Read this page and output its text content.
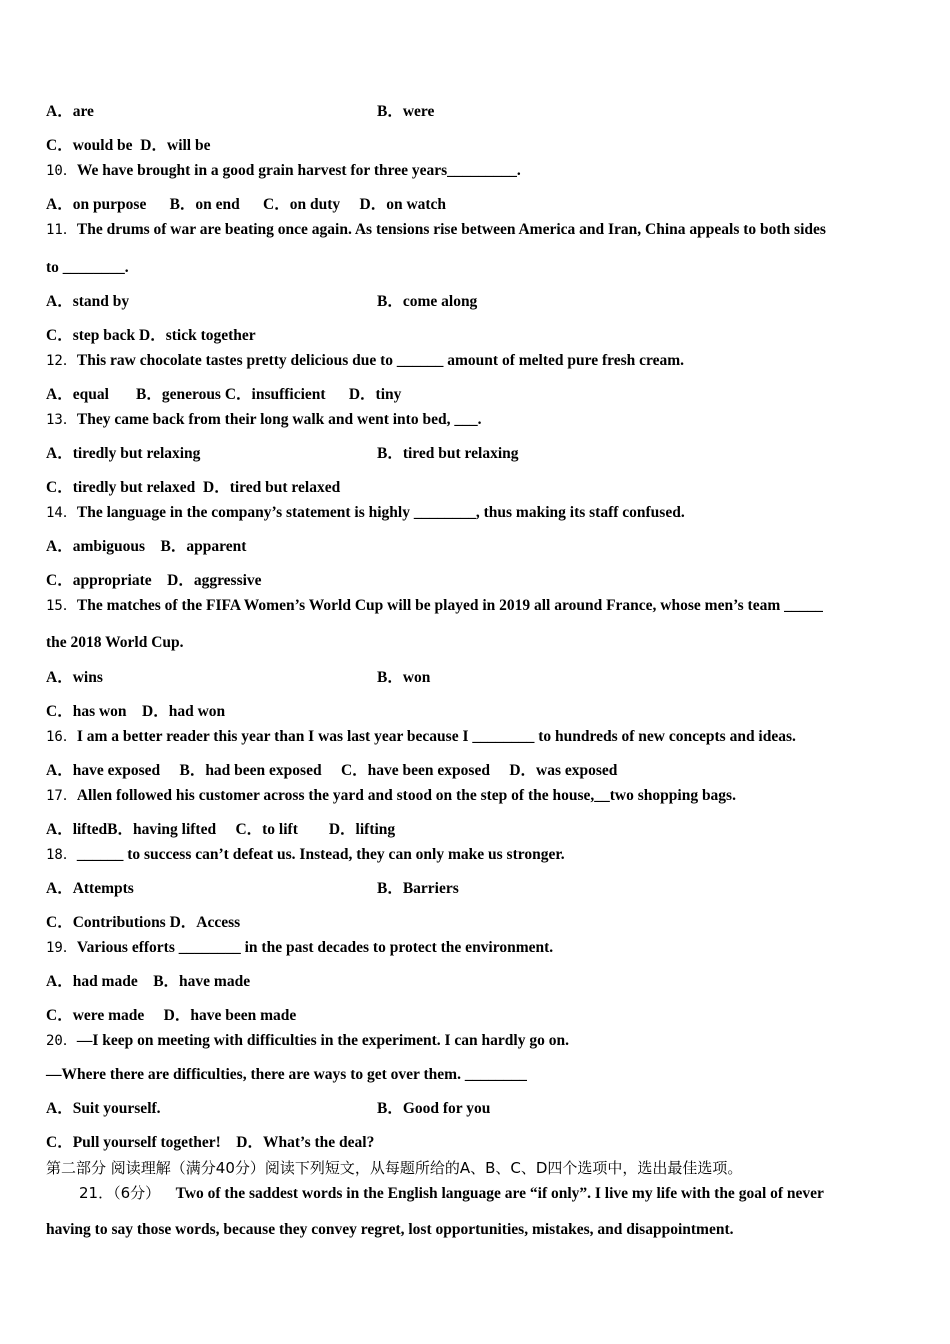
第二部分 阅读理解（满分40分）阅读下列短文，从每题所给的A、B、C、D四个选项中，选出最佳选项。
21．（6分） Two of the saddest words in the English language are “if only”. I live my life with the goal of never
having to say those words, because they convey regret, lost opportunities, mistakes, and disappointment.
A．are	B．were
C．would be  D．will be
10．We have brought in a good grain harvest for three years_________.
A．on purpose      B．on end      C．on duty     D．on watch
11．The drums of war are beating once again. As tensions rise between America and Iran, China appeals to both sides
to ________.
A．stand by	B．come along
C．step back D．stick together
12．This raw chocolate tastes pretty delicious due to ______ amount of melted pure fresh cream.
A．equal       B．generous C．insufficient      D．tiny
13．They came back from their long walk and went into bed, ___.
A．tiredly but relaxing	B．tired but relaxing
C．tiredly but relaxed  D．tired but relaxed
14．The language in the company’s statement is highly ________, thus making its staff confused.
A．ambiguous    B．apparent
C．appropriate    D．aggressive
15．The matches of the FIFA Women’s World Cup will be played in 2019 all around France, whose men’s team _____
the 2018 World Cup.
A．wins	B．won
C．has won    D．had won
16．I am a better reader this year than I was last year because I ________ to hundreds of new concepts and ideas.
A．have exposed     B．had been exposed     C．have been exposed     D．was exposed
17．Allen followed his customer across the yard and stood on the step of the house,__two shopping bags.
A．liftedB．having lifted     C．to lift        D．lifting
18．______ to success can’t defeat us. Instead, they can only make us stronger.
A．Attempts	B．Barriers
C．Contributions D．Access
19．Various efforts ________ in the past decades to protect the environment.
A．had made    B．have made
C．were made     D．have been made
20．—I keep on meeting with difficulties in the experiment. I can hardly go on.
—Where there are difficulties, there are ways to get over them. ________
A．Suit yourself.	B．Good for you
C．Pull yourself together!    D．What’s the deal?
